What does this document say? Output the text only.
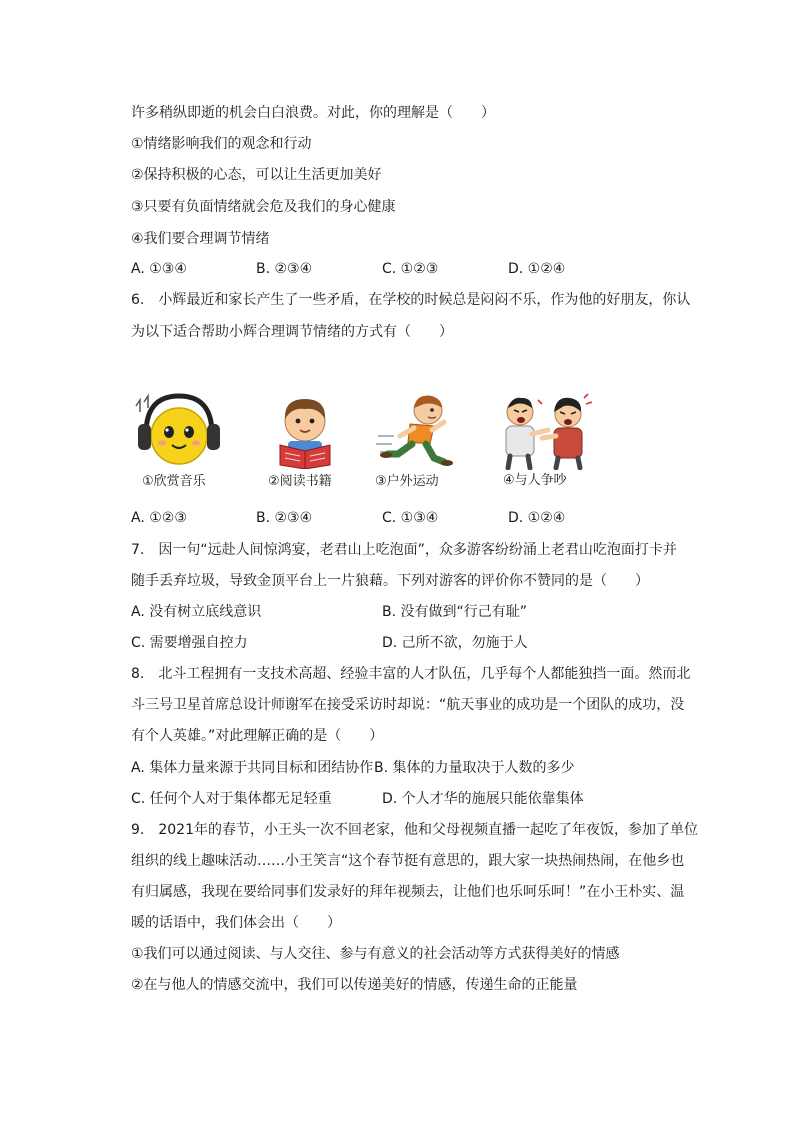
许多稍纵即逝的机会白白浪费。对此，你的理解是（　　）
①情绪影响我们的观念和行动
②保持积极的心态，可以让生活更加美好
③只要有负面情绪就会危及我们的身心健康
④我们要合理调节情绪
A. ①③④	B. ②③④	C. ①②③	D. ①②④
6.　小辉最近和家长产生了一些矛盾，在学校的时候总是闷闷不乐，作为他的好朋友，你认
为以下适合帮助小辉合理调节情绪的方式有（　　）
①欣赏音乐	②阅读书籍	③户外运动	④与人争吵
A. ①②③	B. ②③④	C. ①③④	D. ①②④
7.　因一句“远赴人间惊鸿宴，老君山上吃泡面”，众多游客纷纷涌上老君山吃泡面打卡并
随手丢弃垃圾，导致金顶平台上一片狼藉。下列对游客的评价你不赞同的是（　　）
A. 没有树立底线意识	B. 没有做到“行己有耻”
C. 需要增强自控力	D. 己所不欲，勿施于人
8.　北斗工程拥有一支技术高超、经验丰富的人才队伍，几乎每个人都能独挡一面。然而北
斗三号卫星首席总设计师谢军在接受采访时却说：“航天事业的成功是一个团队的成功，没
有个人英雄。”对此理解正确的是（　　）
A. 集体力量来源于共同目标和团结协作 B. 集体的力量取决于人数的多少
C. 任何个人对于集体都无足轻重	D. 个人才华的施展只能依靠集体
9.　2021年的春节，小王头一次不回老家，他和父母视频直播一起吃了年夜饭，参加了单位
组织的线上趣味活动……小王笑言“这个春节挺有意思的，跟大家一块热闹热闹，在他乡也
有归属感，我现在要给同事们发录好的拜年视频去，让他们也乐呵乐呵！”在小王朴实、温
暖的话语中，我们体会出（　　）
①我们可以通过阅读、与人交往、参与有意义的社会活动等方式获得美好的情感
②在与他人的情感交流中，我们可以传递美好的情感，传递生命的正能量
